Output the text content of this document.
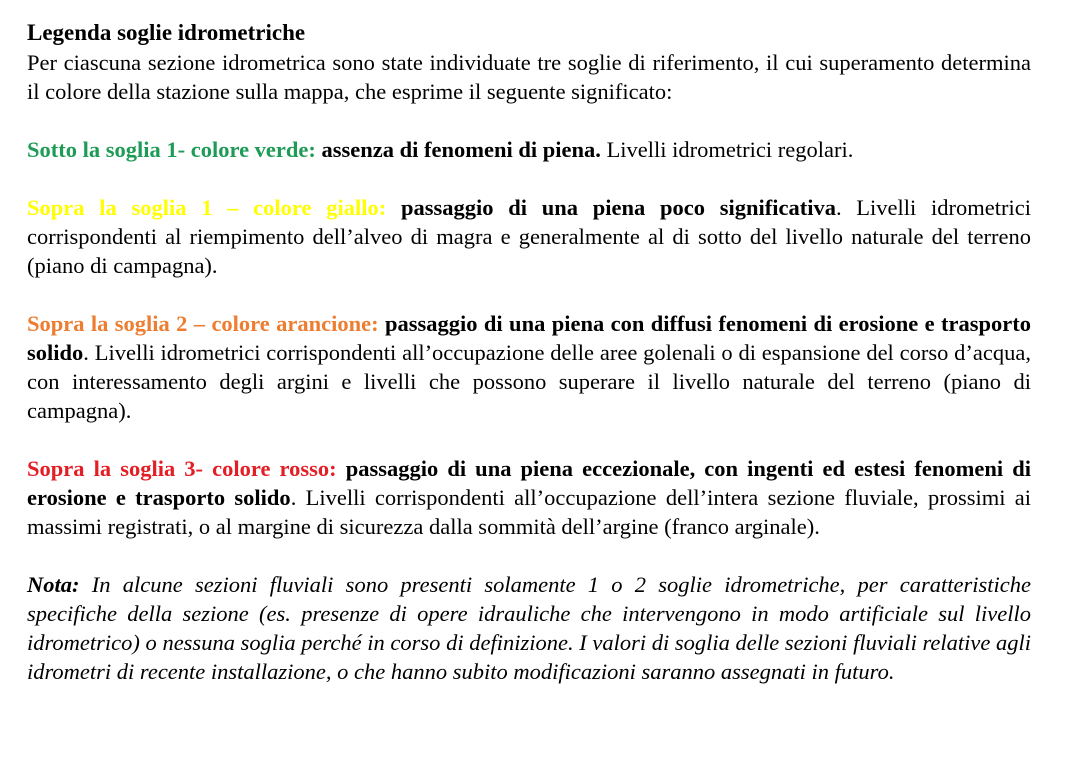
Legenda soglie idrometriche

Per ciascuna sezione idrometrica sono state individuate tre soglie di riferimento, il cui superamento determina il colore della stazione sulla mappa, che esprime il seguente significato:

Sotto la soglia 1- colore verde: assenza di fenomeni di piena. Livelli idrometrici regolari.

Sopra la soglia 1 – colore giallo: passaggio di una piena poco significativa. Livelli idrometrici corrispondenti al riempimento dell’alveo di magra e generalmente al di sotto del livello naturale del terreno (piano di campagna).

Sopra la soglia 2 – colore arancione: passaggio di una piena con diffusi fenomeni di erosione e trasporto solido. Livelli idrometrici corrispondenti all’occupazione delle aree golenali o di espansione del corso d’acqua, con interessamento degli argini e livelli che possono superare il livello naturale del terreno (piano di campagna).

Sopra la soglia 3- colore rosso: passaggio di una piena eccezionale, con ingenti ed estesi fenomeni di erosione e trasporto solido. Livelli corrispondenti all’occupazione dell’intera sezione fluviale, prossimi ai massimi registrati, o al margine di sicurezza dalla sommità dell’argine (franco arginale).

Nota: In alcune sezioni fluviali sono presenti solamente 1 o 2 soglie idrometriche, per caratteristiche specifiche della sezione (es. presenze di opere idrauliche che intervengono in modo artificiale sul livello idrometrico) o nessuna soglia perché in corso di definizione. I valori di soglia delle sezioni fluviali relative agli idrometri di recente installazione, o che hanno subito modificazioni saranno assegnati in futuro.
